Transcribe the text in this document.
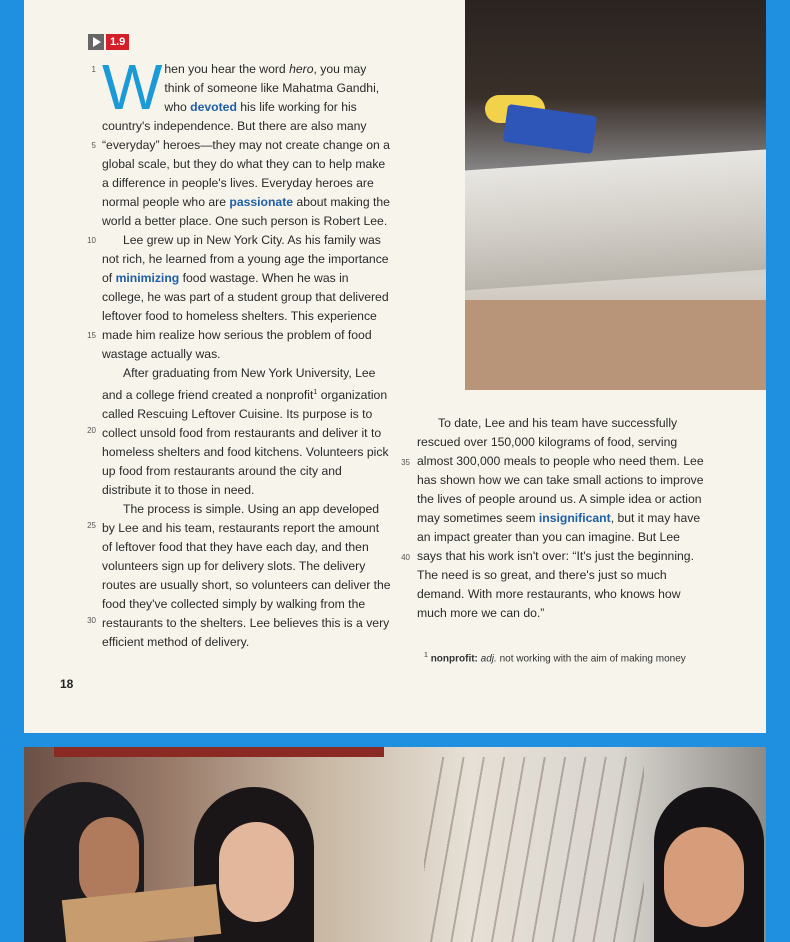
1.9
1
5
10
15
20
25
30
35
40

When you hear the word hero, you may think of someone like Mahatma Gandhi, who devoted his life working for his country's independence. But there are also many “everyday” heroes—they may not create change on a global scale, but they do what they can to help make a difference in people's lives. Everyday heroes are normal people who are passionate about making the world a better place. One such person is Robert Lee.

Lee grew up in New York City. As his family was not rich, he learned from a young age the importance of minimizing food wastage. When he was in college, he was part of a student group that delivered leftover food to homeless shelters. This experience made him realize how serious the problem of food wastage actually was.

After graduating from New York University, Lee and a college friend created a nonprofit$^1$ organization called Rescuing Leftover Cuisine. Its purpose is to collect unsold food from restaurants and deliver it to homeless shelters and food kitchens. Volunteers pick up food from restaurants around the city and distribute it to those in need.

The process is simple. Using an app developed by Lee and his team, restaurants report the amount of leftover food that they have each day, and then volunteers sign up for delivery slots. The delivery routes are usually short, so volunteers can deliver the food they've collected simply by walking from the restaurants to the shelters. Lee believes this is a very efficient method of delivery.

To date, Lee and his team have successfully rescued over 150,000 kilograms of food, serving almost 300,000 meals to people who need them. Lee has shown how we can take small actions to improve the lives of people around us. A simple idea or action may sometimes seem insignificant, but it may have an impact greater than you can imagine. But Lee says that his work isn't over: “It's just the beginning. The need is so great, and there's just so much demand. With more restaurants, who knows how much more we can do.”

$^1$ nonprofit: adj. not working with the aim of making money
18
